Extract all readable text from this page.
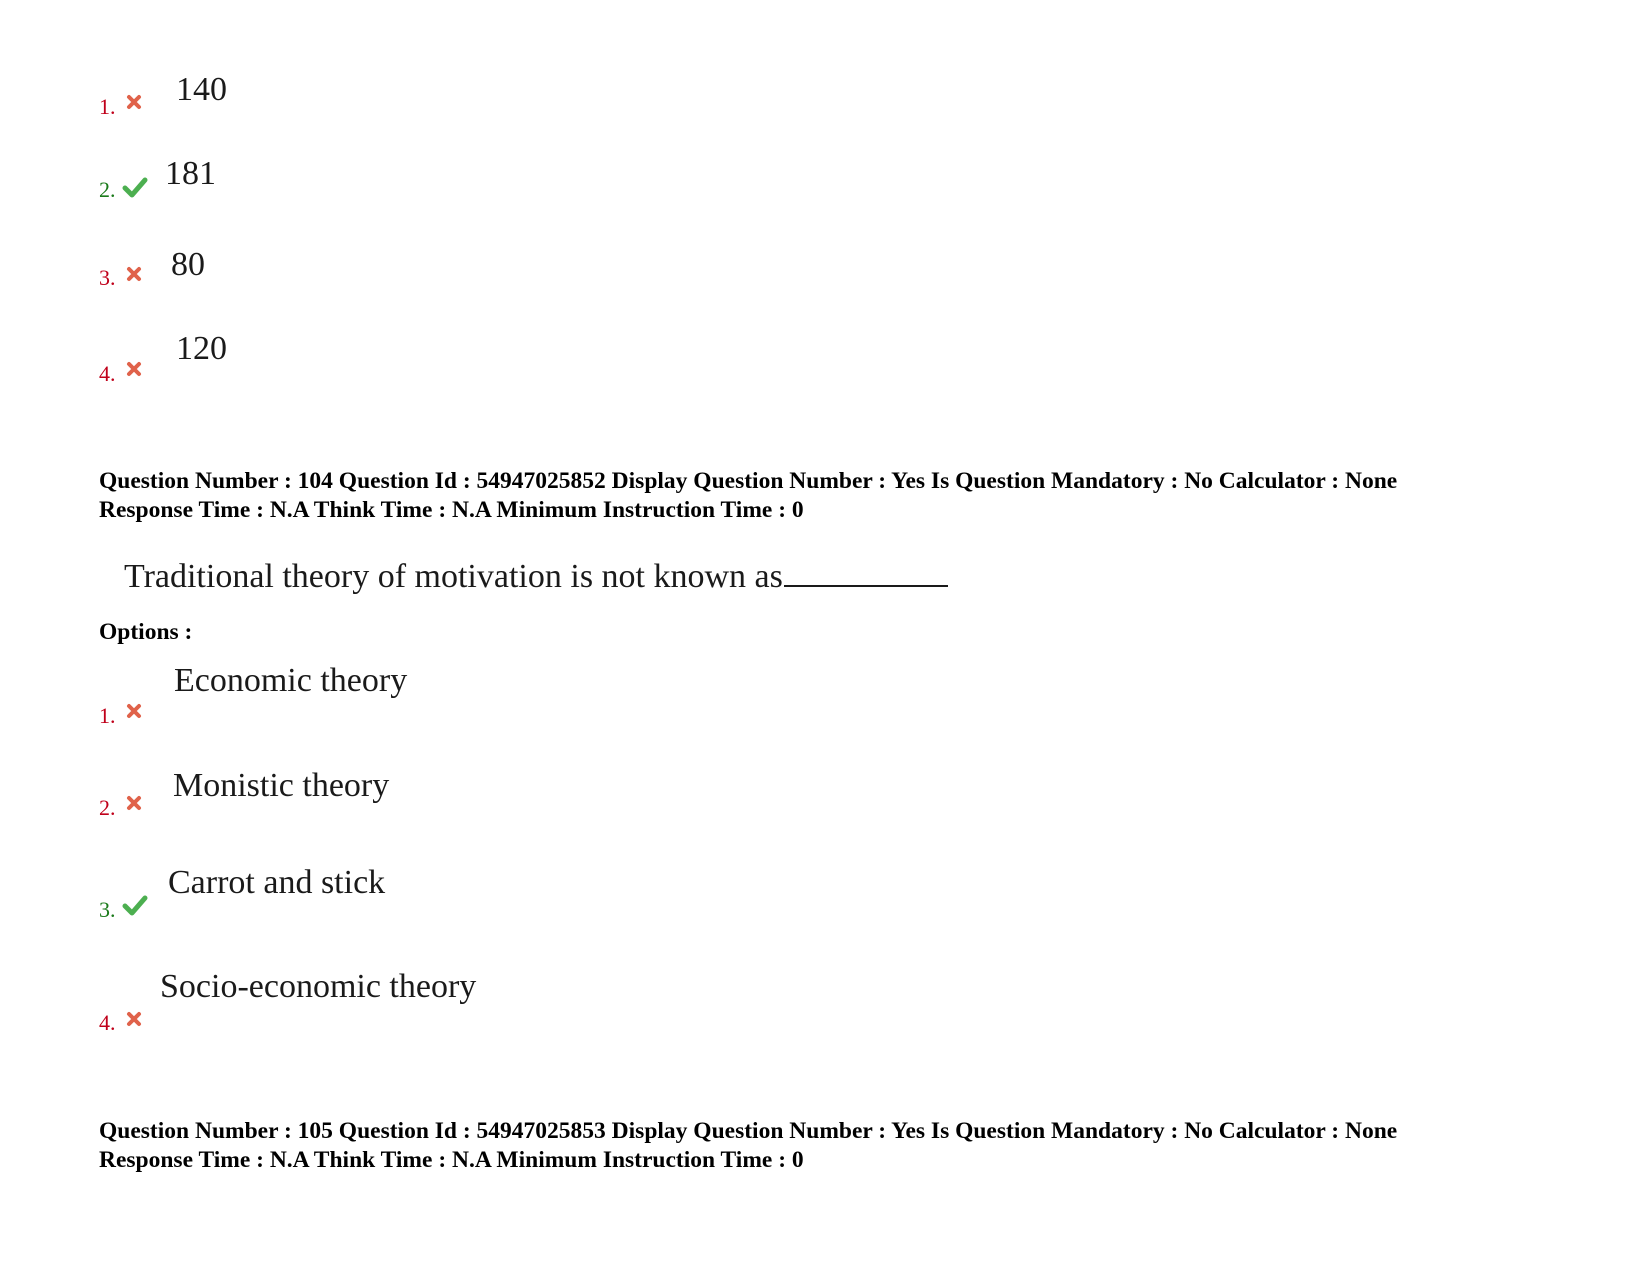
1. 140
2. 181
3. 80
4.
120
Question Number : 104 Question Id : 54947025852 Display Question Number : Yes Is Question Mandatory : No Calculator : None
Response Time : N.A Think Time : N.A Minimum Instruction Time : 0
Traditional theory of motivation is not known as
Options :
1.
Economic theory
2.
Monistic theory
3.
Carrot and stick
4.
Socio-economic theory
Question Number : 105 Question Id : 54947025853 Display Question Number : Yes Is Question Mandatory : No Calculator : None
Response Time : N.A Think Time : N.A Minimum Instruction Time : 0
